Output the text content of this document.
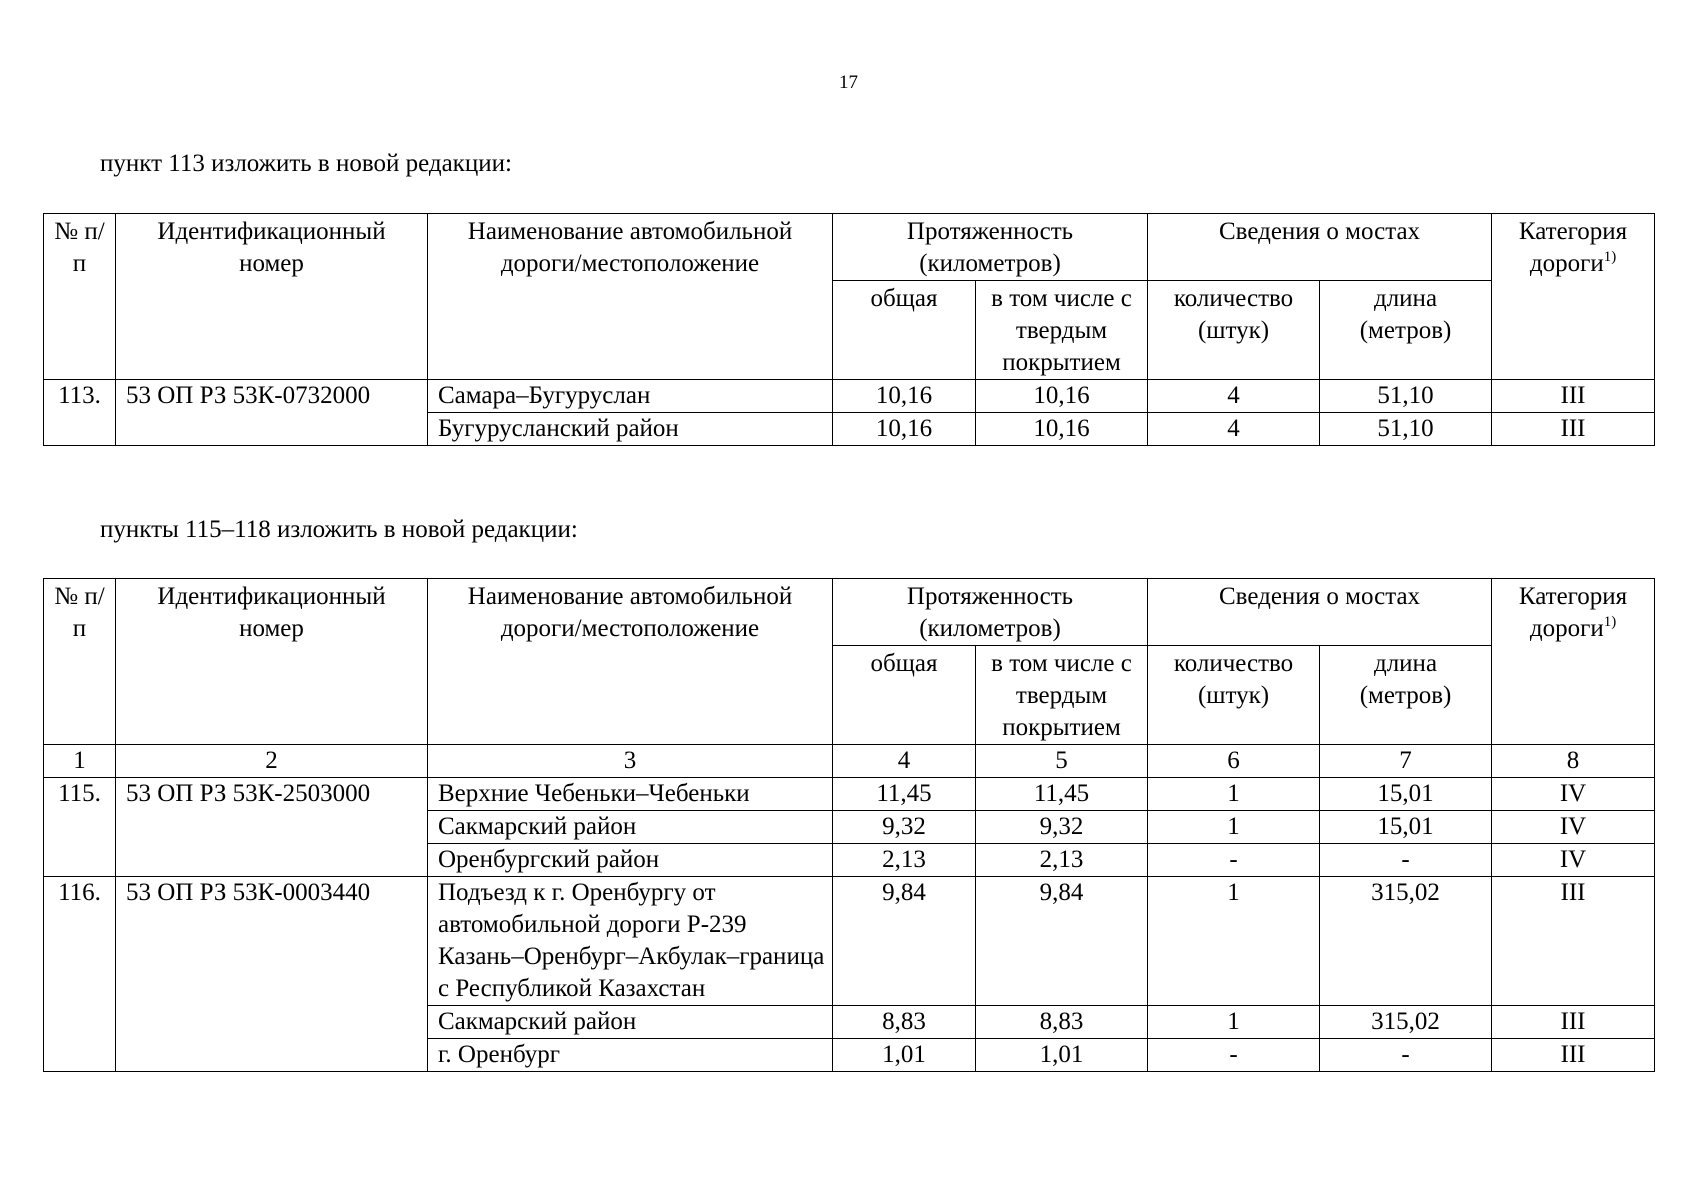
17
пункт 113 изложить в новой редакции:
№ п/п	Идентификационный номер	Наименование автомобильной дороги/местоположение	Протяженность (километров)		Сведения о мостах		Категория дороги$^{1)}$
			общая	в том числе с твердым покрытием	количество (штук)	длина (метров)	
113.	53 ОП РЗ 53К-0732000	Самара–Бугуруслан	10,16	10,16	4	51,10	III
		Бугурусланский район	10,16	10,16	4	51,10	III
пункты 115–118 изложить в новой редакции:
№ п/п	Идентификационный номер	Наименование автомобильной дороги/местоположение	Протяженность (километров)		Сведения о мостах		Категория дороги$^{1)}$
			общая	в том числе с твердым покрытием	количество (штук)	длина (метров)	
1	2	3	4	5	6	7	8
115.	53 ОП РЗ 53К-2503000	Верхние Чебеньки–Чебеньки	11,45	11,45	1	15,01	IV
		Сакмарский район	9,32	9,32	1	15,01	IV
		Оренбургский район	2,13	2,13	-	-	IV
116.	53 ОП РЗ 53К-0003440	Подъезд к г. Оренбургу от автомобильной дороги Р-239 Казань–Оренбург–Акбулак–граница с Республикой Казахстан	9,84	9,84	1	315,02	III
		Сакмарский район	8,83	8,83	1	315,02	III
		г. Оренбург	1,01	1,01	-	-	III
